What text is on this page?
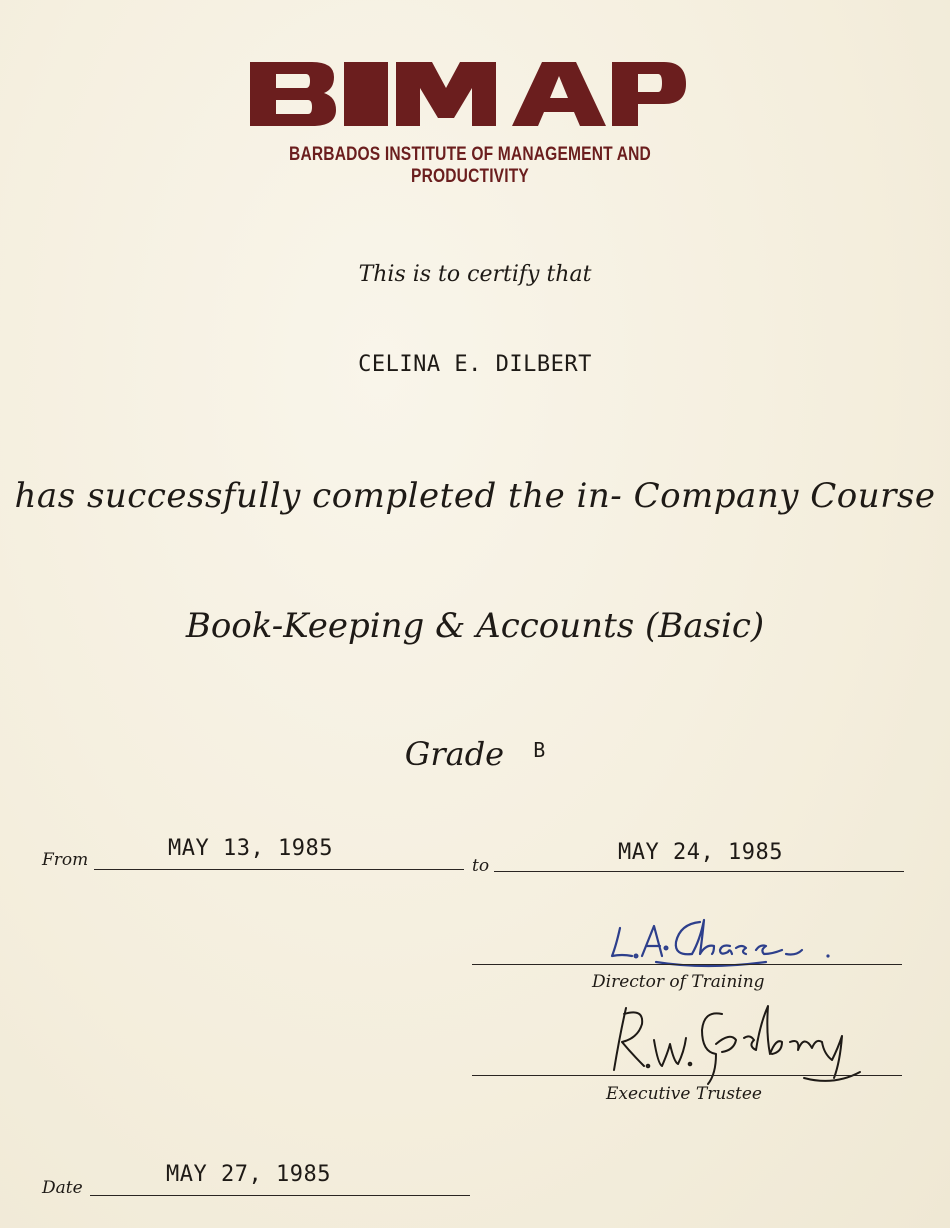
BARBADOS INSTITUTE OF MANAGEMENT AND PRODUCTIVITY
This is to certify that
CELINA E. DILBERT
has successfully completed the in- Company Course
Book-Keeping & Accounts (Basic)
Grade B
From	MAY 13, 1985
to
MAY 24, 1985
Director of Training
Executive Trustee
Date
MAY 27, 1985
